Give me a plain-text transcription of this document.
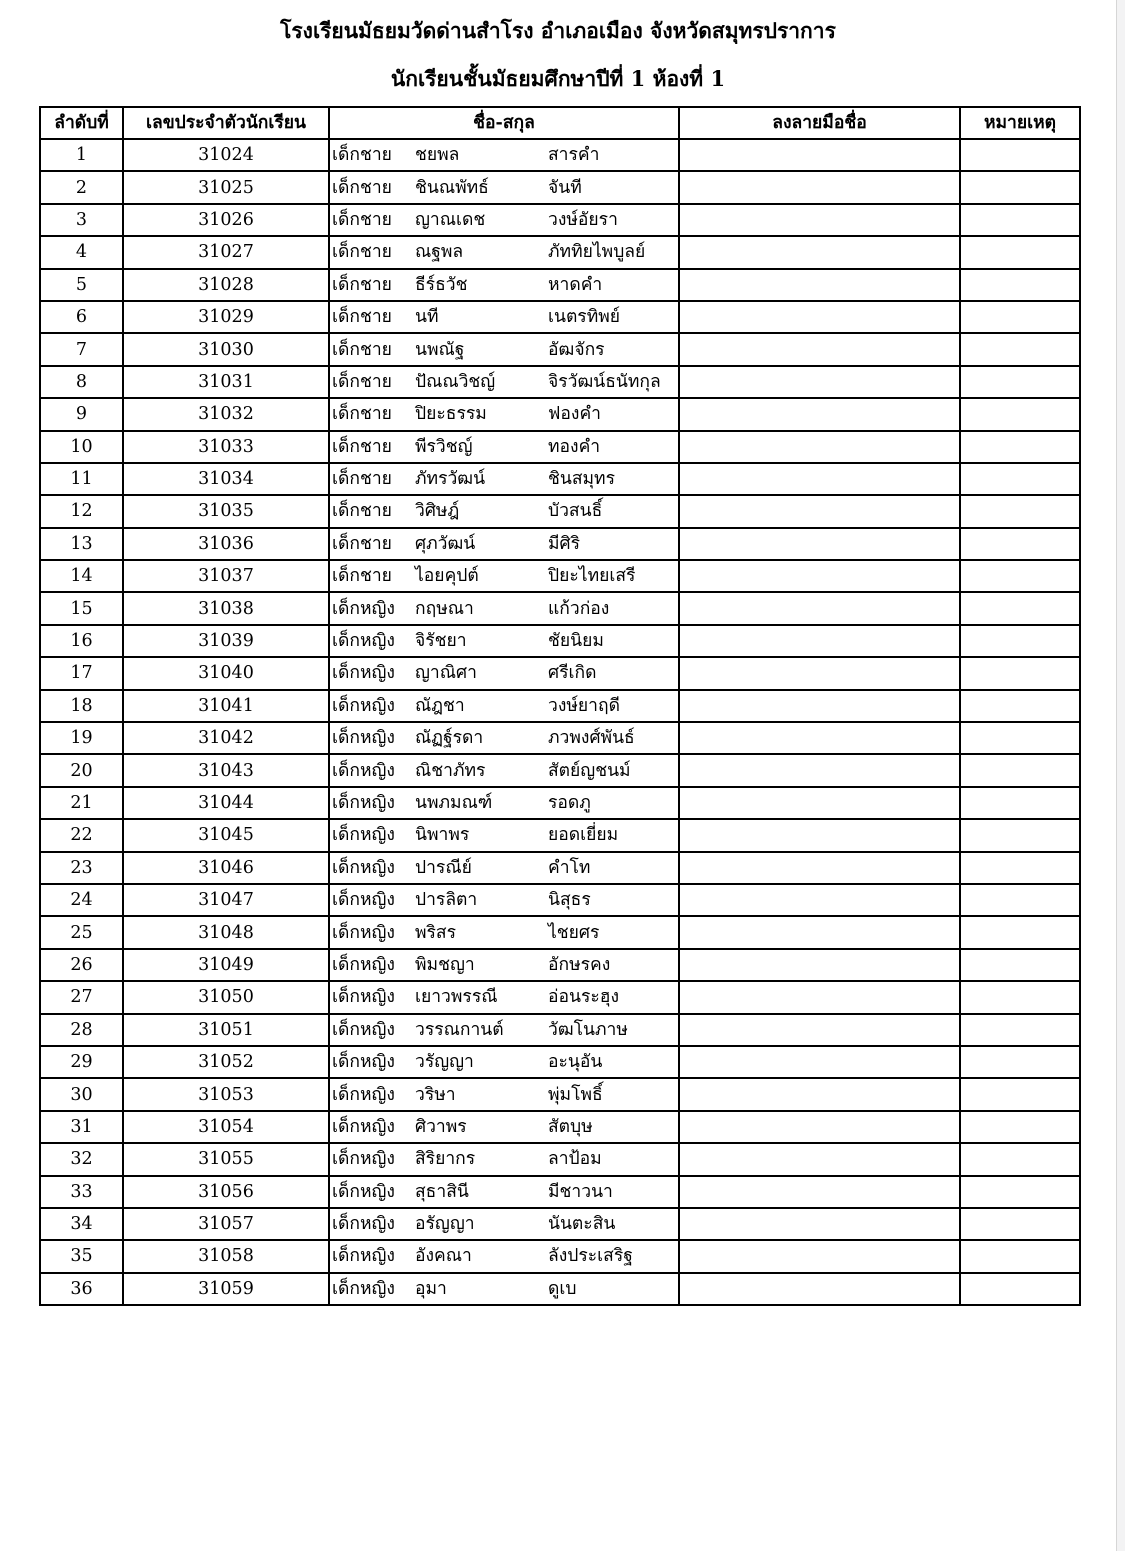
โรงเรียนมัธยมวัดด่านสำโรง อำเภอเมือง จังหวัดสมุทรปราการ
นักเรียนชั้นมัธยมศึกษาปีที่ 1 ห้องที่ 1
ลำดับที่	เลขประจำตัวนักเรียน	ชื่อ-สกุล	ลงลายมือชื่อ	หมายเหตุ
1	31024	เด็กชาย ชยพล สารคำ		
2	31025	เด็กชาย ชินณพัทธ์ จันที		
3	31026	เด็กชาย ญาณเดช วงษ์อัยรา		
4	31027	เด็กชาย ณฐพล ภัททิยไพบูลย์		
5	31028	เด็กชาย ธีร์ธวัช หาดคำ		
6	31029	เด็กชาย นที เนตรทิพย์		
7	31030	เด็กชาย นพณัฐ อัฒจักร		
8	31031	เด็กชาย ปัณณวิชญ์ จิรวัฒน์ธนัทกุล		
9	31032	เด็กชาย ปิยะธรรม ฟองคำ		
10	31033	เด็กชาย พีรวิชญ์ ทองคำ		
11	31034	เด็กชาย ภัทรวัฒน์ ชินสมุทร		
12	31035	เด็กชาย วิศิษฎ์ บัวสนธิ์		
13	31036	เด็กชาย ศุภวัฒน์ มีศิริ		
14	31037	เด็กชาย ไอยคุปต์ ปิยะไทยเสรี		
15	31038	เด็กหญิง กฤษณา แก้วก่อง		
16	31039	เด็กหญิง จิรัชยา ชัยนิยม		
17	31040	เด็กหญิง ญาณิศา ศรีเกิด		
18	31041	เด็กหญิง ณัฎชา วงษ์ยาฤดี		
19	31042	เด็กหญิง ณัฏฐ์รดา ภวพงศ์พันธ์		
20	31043	เด็กหญิง ณิชาภัทร สัตย์ญชนม์		
21	31044	เด็กหญิง นพภมณฑ์ รอดภู		
22	31045	เด็กหญิง นิพาพร ยอดเยี่ยม		
23	31046	เด็กหญิง ปารณีย์ คำโท		
24	31047	เด็กหญิง ปารลิตา นิสุธร		
25	31048	เด็กหญิง พริสร ไชยศร		
26	31049	เด็กหญิง พิมชญา อักษรคง		
27	31050	เด็กหญิง เยาวพรรณี อ่อนระฮุง		
28	31051	เด็กหญิง วรรณกานต์ วัฒโนภาษ		
29	31052	เด็กหญิง วรัญญา อะนุอัน		
30	31053	เด็กหญิง วริษา พุ่มโพธิ์		
31	31054	เด็กหญิง ศิวาพร สัตบุษ		
32	31055	เด็กหญิง สิริยากร ลาป้อม		
33	31056	เด็กหญิง สุธาสินี มีชาวนา		
34	31057	เด็กหญิง อรัญญา นันตะสิน		
35	31058	เด็กหญิง อังคณา ลังประเสริฐ		
36	31059	เด็กหญิง อุมา ดูเบ		
